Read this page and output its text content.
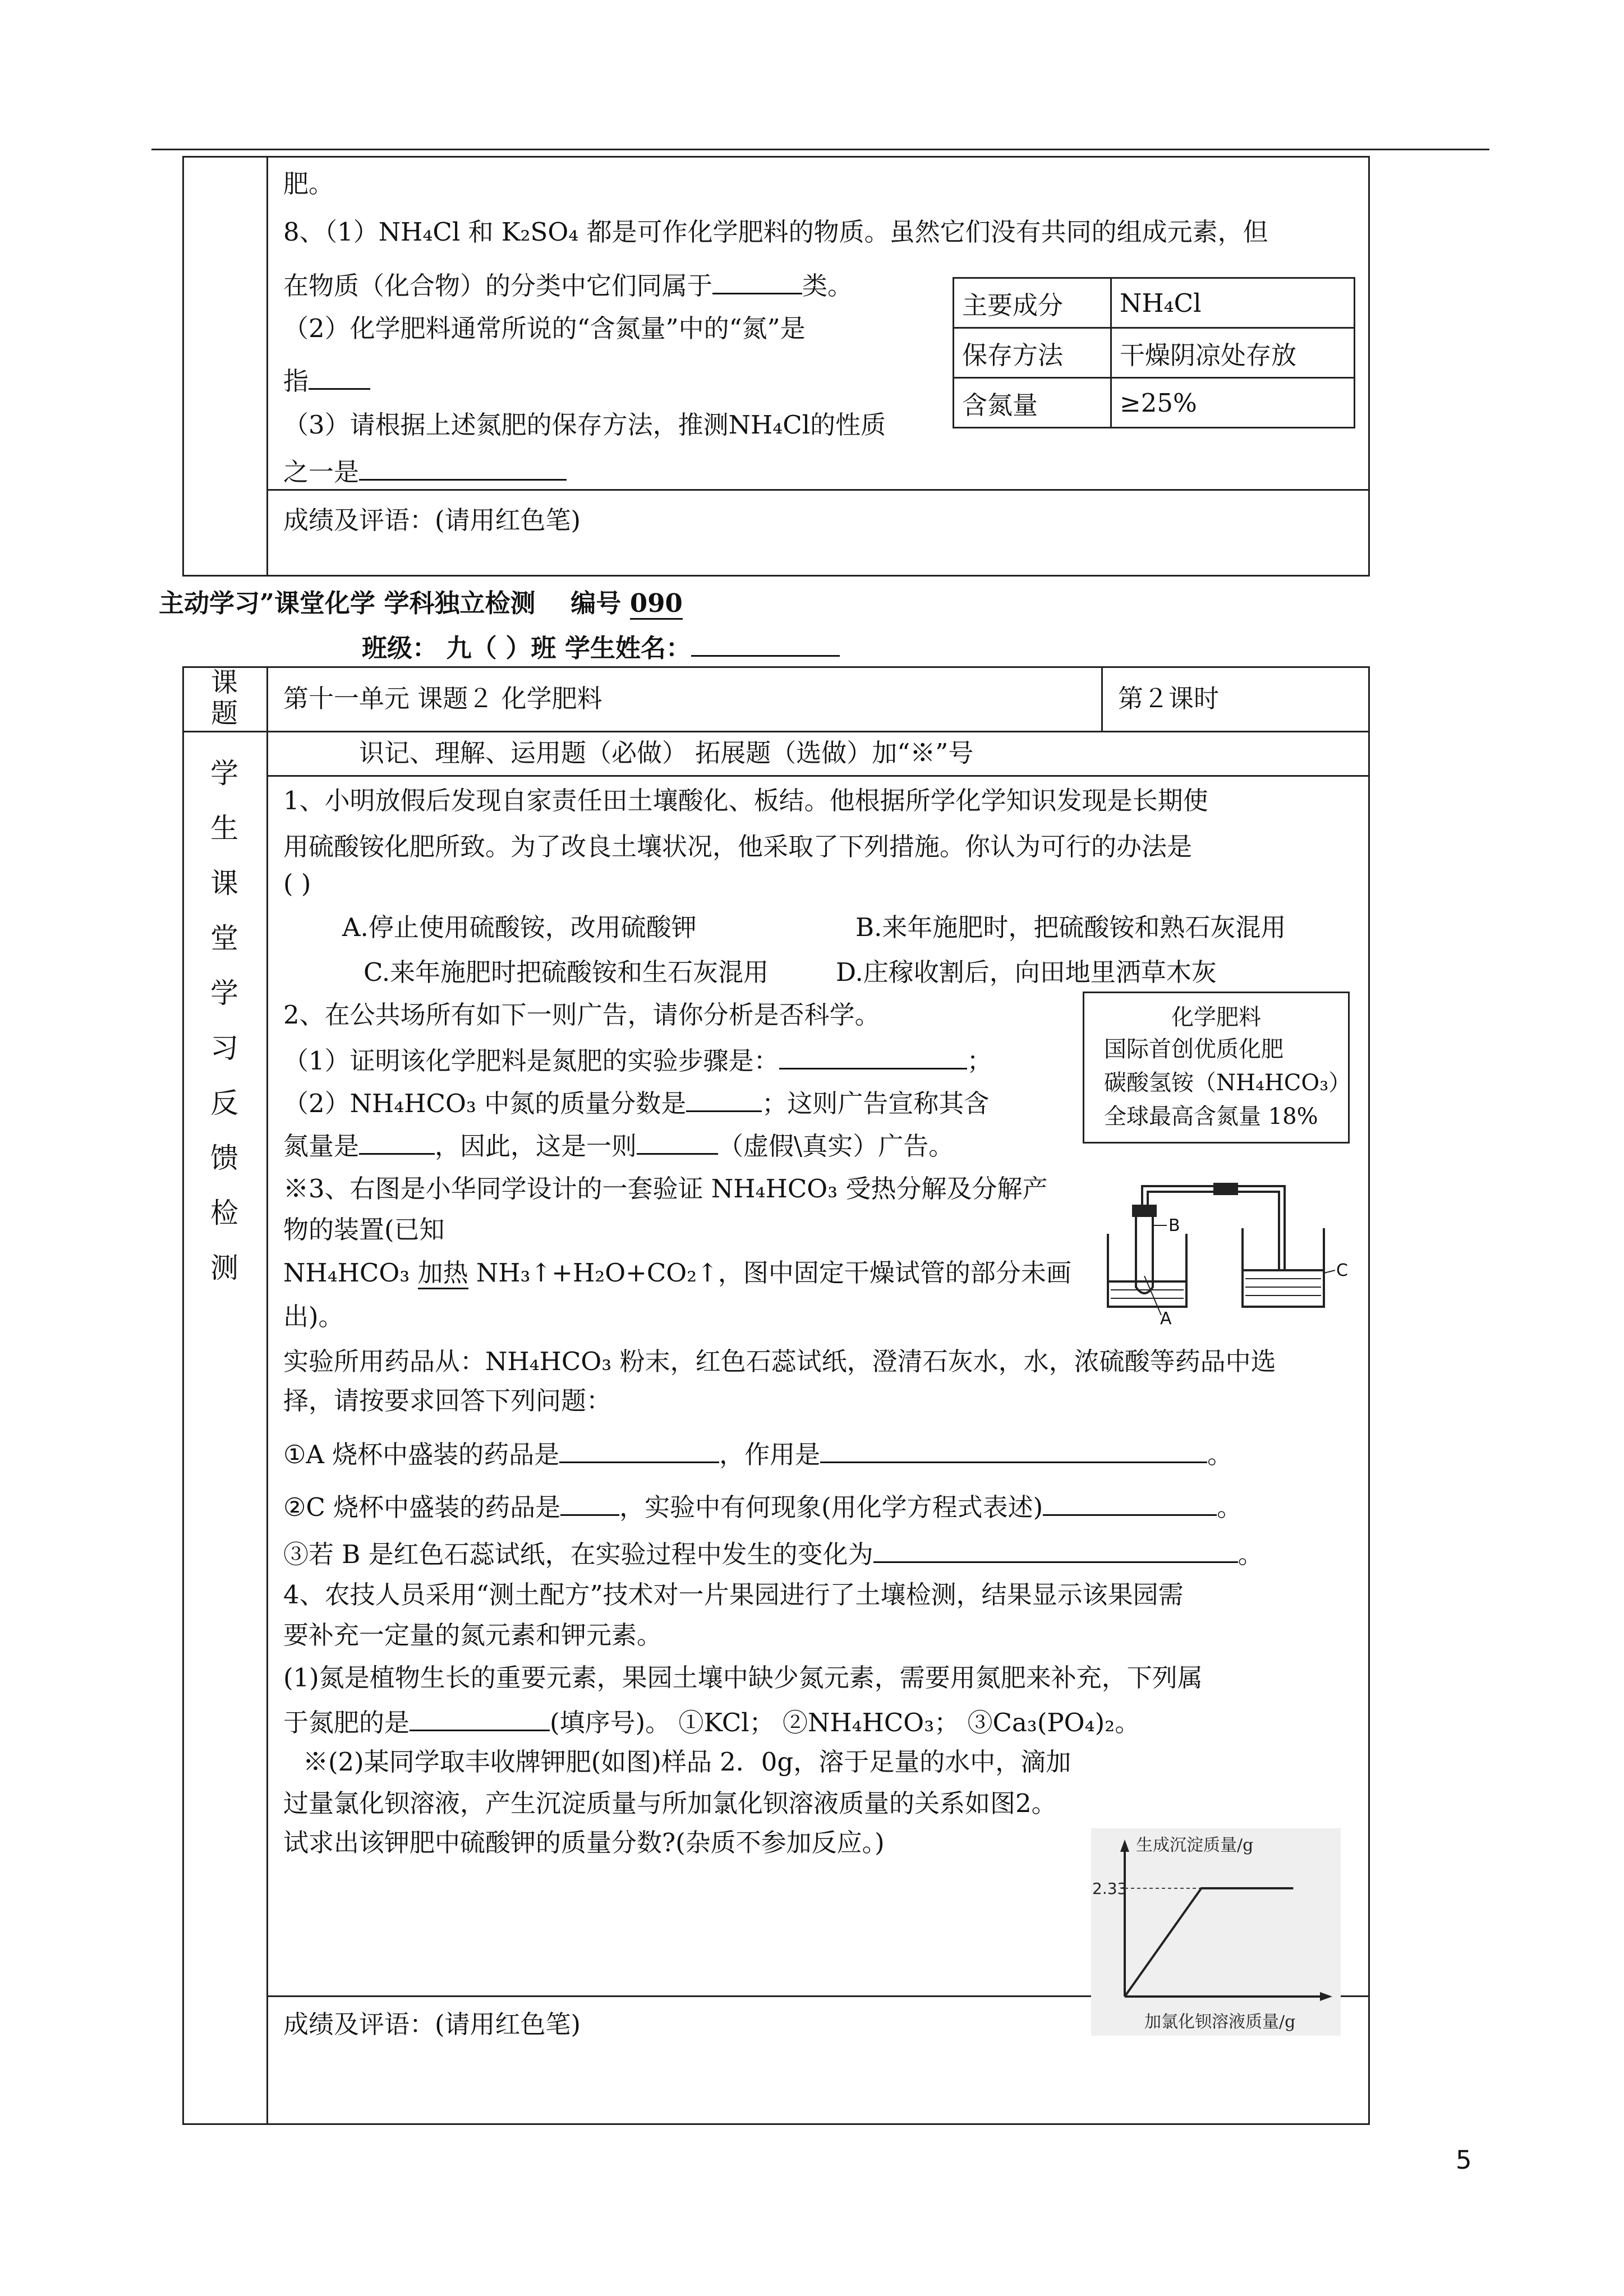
肥。
8、（1）NH₄Cl 和 K₂SO₄ 都是可作化学肥料的物质。虽然它们没有共同的组成元素，但
在物质（化合物）的分类中它们同属于	类。
（2）化学肥料通常所说的“含氮量”中的“氮”是
指
（3）请根据上述氮肥的保存方法，推测NH₄Cl的性质
之一是
主要成分	NH₄Cl
保存方法	干燥阴凉处存放
含氮量	≥25%
成绩及评语：(请用红色笔)
主动学习”课堂化学 学科独立检测 编号 090
班级： 九（ ）班 学生姓名：
课题 第十一单元 课题２ 化学肥料	第２课时
识记、理解、运用题（必做） 拓展题（选做）加“※”号
学
生
课
堂
学
习
反
馈
检
测
1、小明放假后发现自家责任田土壤酸化、板结。他根据所学化学知识发现是长期使
用硫酸铵化肥所致。为了改良土壤状况，他采取了下列措施。你认为可行的办法是
( )
A.停止使用硫酸铵，改用硫酸钾	B.来年施肥时，把硫酸铵和熟石灰混用
C.来年施肥时把硫酸铵和生石灰混用	D.庄稼收割后，向田地里洒草木灰
2、在公共场所有如下一则广告，请你分析是否科学。
（1）证明该化学肥料是氮肥的实验步骤是：	；
（2）NH₄HCO₃ 中氮的质量分数是	；这则广告宣称其含
氮量是	，因此，这是一则	（虚假\真实）广告。
化学肥料
国际首创优质化肥
碳酸氢铵（NH₄HCO₃）
全球最高含氮量 18%
※3、右图是小华同学设计的一套验证 NH₄HCO₃ 受热分解及分解产
物的装置(已知
NH₄HCO₃ 加热 NH₃↑+H₂O+CO₂↑，图中固定干燥试管的部分未画
出)。
实验所用药品从：NH₄HCO₃ 粉末，红色石蕊试纸，澄清石灰水，水，浓硫酸等药品中选
择，请按要求回答下列问题：
①A 烧杯中盛装的药品是	，作用是	。
②C 烧杯中盛装的药品是 ，实验中有何现象(用化学方程式表述)	。
③若 B 是红色石蕊试纸，在实验过程中发生的变化为	。
B
A
C
4、农技人员采用“测土配方”技术对一片果园进行了土壤检测，结果显示该果园需
要补充一定量的氮元素和钾元素。
(1)氮是植物生长的重要元素，果园土壤中缺少氮元素，需要用氮肥来补充，下列属
于氮肥的是	(填序号)。 ①KCl； ②NH₄HCO₃； ③Ca₃(PO₄)₂。
※(2)某同学取丰收牌钾肥(如图)样品 2．0g，溶于足量的水中，滴加
过量氯化钡溶液，产生沉淀质量与所加氯化钡溶液质量的关系如图2。
试求出该钾肥中硫酸钾的质量分数?(杂质不参加反应。)	生成沉淀质量/g
2.33
加氯化钡溶液质量/g
成绩及评语：(请用红色笔)
5
